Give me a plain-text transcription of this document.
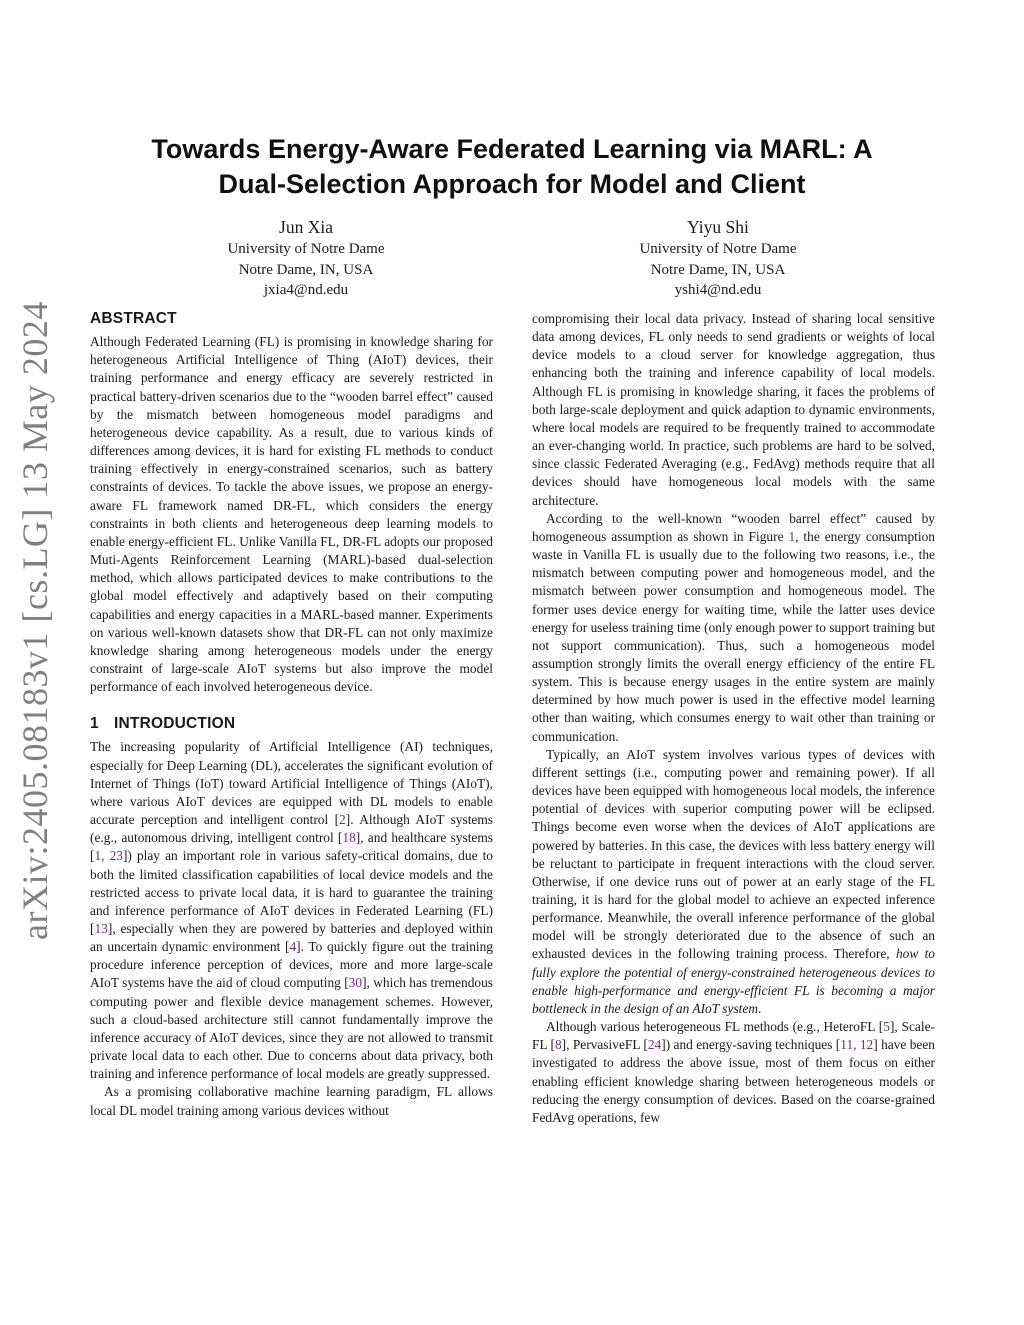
arXiv:2405.08183v1 [cs.LG] 13 May 2024
Towards Energy-Aware Federated Learning via MARL: A
Dual-Selection Approach for Model and Client
Jun Xia
University of Notre Dame
Notre Dame, IN, USA
jxia4@nd.edu
Yiyu Shi
University of Notre Dame
Notre Dame, IN, USA
yshi4@nd.edu
ABSTRACT

Although Federated Learning (FL) is promising in knowledge sharing for heterogeneous Artificial Intelligence of Thing (AIoT) devices, their training performance and energy efficacy are severely restricted in practical battery-driven scenarios due to the “wooden barrel effect” caused by the mismatch between homogeneous model paradigms and heterogeneous device capability. As a result, due to various kinds of differences among devices, it is hard for existing FL methods to conduct training effectively in energy-constrained scenarios, such as battery constraints of devices. To tackle the above issues, we propose an energy-aware FL framework named DR-FL, which considers the energy constraints in both clients and heterogeneous deep learning models to enable energy-efficient FL. Unlike Vanilla FL, DR-FL adopts our proposed Muti-Agents Reinforcement Learning (MARL)-based dual-selection method, which allows participated devices to make contributions to the global model effectively and adaptively based on their computing capabilities and energy capacities in a MARL-based manner. Experiments on various well-known datasets show that DR-FL can not only maximize knowledge sharing among heterogeneous models under the energy constraint of large-scale AIoT systems but also improve the model performance of each involved heterogeneous device.

1 INTRODUCTION

The increasing popularity of Artificial Intelligence (AI) techniques, especially for Deep Learning (DL), accelerates the significant evolution of Internet of Things (IoT) toward Artificial Intelligence of Things (AIoT), where various AIoT devices are equipped with DL models to enable accurate perception and intelligent control [2]. Although AIoT systems (e.g., autonomous driving, intelligent control [18], and healthcare systems [1, 23]) play an important role in various safety-critical domains, due to both the limited classification capabilities of local device models and the restricted access to private local data, it is hard to guarantee the training and inference performance of AIoT devices in Federated Learning (FL) [13], especially when they are powered by batteries and deployed within an uncertain dynamic environment [4]. To quickly figure out the training procedure inference perception of devices, more and more large-scale AIoT systems have the aid of cloud computing [30], which has tremendous computing power and flexible device management schemes. However, such a cloud-based architecture still cannot fundamentally improve the inference accuracy of AIoT devices, since they are not allowed to transmit private local data to each other. Due to concerns about data privacy, both training and inference performance of local models are greatly suppressed.

As a promising collaborative machine learning paradigm, FL allows local DL model training among various devices without

compromising their local data privacy. Instead of sharing local sensitive data among devices, FL only needs to send gradients or weights of local device models to a cloud server for knowledge aggregation, thus enhancing both the training and inference capability of local models. Although FL is promising in knowledge sharing, it faces the problems of both large-scale deployment and quick adaption to dynamic environments, where local models are required to be frequently trained to accommodate an ever-changing world. In practice, such problems are hard to be solved, since classic Federated Averaging (e.g., FedAvg) methods require that all devices should have homogeneous local models with the same architecture.

According to the well-known “wooden barrel effect” caused by homogeneous assumption as shown in Figure 1, the energy consumption waste in Vanilla FL is usually due to the following two reasons, i.e., the mismatch between computing power and homogeneous model, and the mismatch between power consumption and homogeneous model. The former uses device energy for waiting time, while the latter uses device energy for useless training time (only enough power to support training but not support communication). Thus, such a homogeneous model assumption strongly limits the overall energy efficiency of the entire FL system. This is because energy usages in the entire system are mainly determined by how much power is used in the effective model learning other than waiting, which consumes energy to wait other than training or communication.

Typically, an AIoT system involves various types of devices with different settings (i.e., computing power and remaining power). If all devices have been equipped with homogeneous local models, the inference potential of devices with superior computing power will be eclipsed. Things become even worse when the devices of AIoT applications are powered by batteries. In this case, the devices with less battery energy will be reluctant to participate in frequent interactions with the cloud server. Otherwise, if one device runs out of power at an early stage of the FL training, it is hard for the global model to achieve an expected inference performance. Meanwhile, the overall inference performance of the global model will be strongly deteriorated due to the absence of such an exhausted devices in the following training process. Therefore, how to fully explore the potential of energy-constrained heterogeneous devices to enable high-performance and energy-efficient FL is becoming a major bottleneck in the design of an AIoT system.

Although various heterogeneous FL methods (e.g., HeteroFL [5], Scale-FL [8], PervasiveFL [24]) and energy-saving techniques [11, 12] have been investigated to address the above issue, most of them focus on either enabling efficient knowledge sharing between heterogeneous models or reducing the energy consumption of devices. Based on the coarse-grained FedAvg operations, few
